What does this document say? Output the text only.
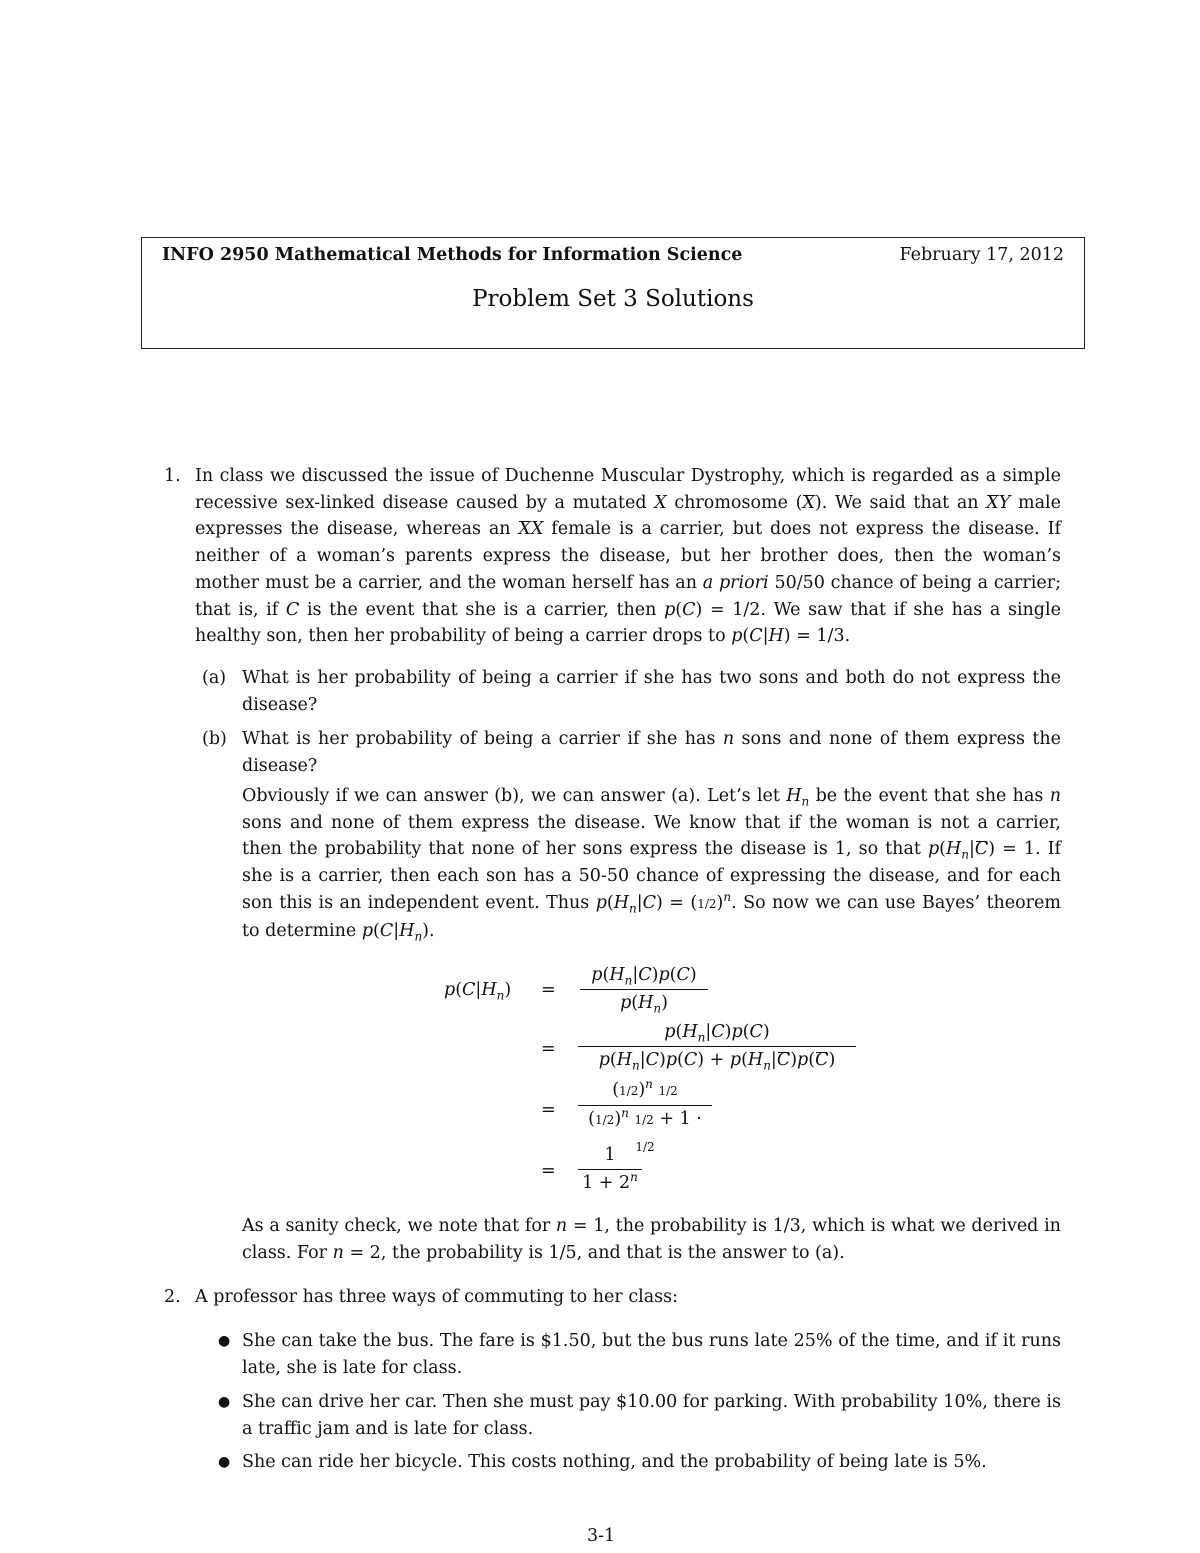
INFO 2950 Mathematical Methods for Information Science	February 17, 2012
Problem Set 3 Solutions
1. In class we discussed the issue of Duchenne Muscular Dystrophy, which is regarded as a simple recessive sex-linked disease caused by a mutated X chromosome (X). We said that an XY male expresses the disease, whereas an XX female is a carrier, but does not express the disease. If neither of a woman’s parents express the disease, but her brother does, then the woman’s mother must be a carrier, and the woman herself has an a priori 50/50 chance of being a carrier; that is, if C is the event that she is a carrier, then p(C) = 1/2. We saw that if she has a single healthy son, then her probability of being a carrier drops to p(C|H) = 1/3.

(a) What is her probability of being a carrier if she has two sons and both do not express the disease?

(b) What is her probability of being a carrier if she has n sons and none of them express the disease?

Obviously if we can answer (b), we can answer (a). Let’s let $H_n$ be the event that she has n sons and none of them express the disease. We know that if the woman is not a carrier, then the probability that none of her sons express the disease is 1, so that $p(H_n|C) = 1$. If she is a carrier, then each son has a 50-50 chance of expressing the disease, and for each son this is an independent event. Thus $p(H_n|C) = (1/2)^n$. So now we can use Bayes’ theorem to determine $p(C|H_n)$.

$p(C|H_n) = \frac{p(H_n|C)p(C)}{p(H_n)}$
= $\frac{p(H_n|C)p(C)}{p(H_n|C)p(C) + p(H_n|C)p(C)}$
= $\frac{(1/2)^n 1/2}{(1/2)^n 1/2 + 1 \cdot 1/2}$
= $\frac{1}{1 + 2^n}$

As a sanity check, we note that for n = 1, the probability is 1/3, which is what we derived in class. For n = 2, the probability is 1/5, and that is the answer to (a).

2. A professor has three ways of commuting to her class:

● She can take the bus. The fare is $1.50, but the bus runs late 25% of the time, and if it runs late, she is late for class.

● She can drive her car. Then she must pay $10.00 for parking. With probability 10%, there is a traffic jam and is late for class.

● She can ride her bicycle. This costs nothing, and the probability of being late is 5%.

3-1
